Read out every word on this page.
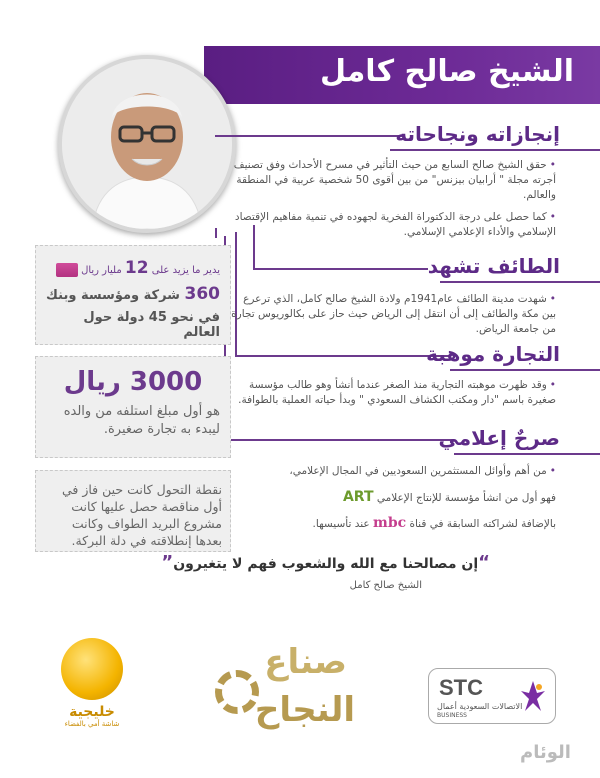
الشيخ صالح كامل
إنجازاته ونجاحاته
•حقق الشيخ صالح السابع من حيث التأثير في مسرح الأحداث وفق تصنيف أجرته مجلة " أرابيان بيزنس" من بين أقوى 50 شخصية عربية في المنطقة والعالم.
•كما حصل على درجة الدكتوراة الفخرية لجهوده في تنمية مفاهيم الإقتصاد الإسلامي والأداء الإعلامي الإسلامي.
الطائف تشهد
•شهدت مدينة الطائف عام1941م ولادة الشيخ صالح كامل، الذي ترعرع بين مكة والطائف إلى أن انتقل إلى الرياض حيث حاز على بكالوريوس تجارة من جامعة الرياض.
التجارة موهبة
•وقد ظهرت موهبته التجارية منذ الصغر عندما أنشأ وهو طالب مؤسسة صغيرة باسم "دار ومكتب الكشاف السعودي " وبدأ حياته العملية بالطوافة.
صرحٌ إعلامي
•من أهم وأوائل المستثمرين السعوديين في المجال الإعلامي،
فهو أول من انشأ مؤسسة للإنتاج الإعلامي ART
بالإضافة لشراكته السابقة في قناة mbc عند تأسيسها.
“إن مصالحنا مع الله والشعوب فهم لا يتغيرون”
الشيخ صالح كامل
يدير ما يزيد على 12 مليار ريال
360 شركة ومؤسسة وبنك
في نحو 45 دولة حول العالم
3000 ريال
هو أول مبلغ استلفه من والده ليبدء به تجارة صغيرة.
نقطة التحول كانت حين فاز في أول مناقصة حصل عليها كانت مشروع البريد الطواف وكانت بعدها إنطلاقته في دلة البركة.
خليجية
شاشة أمي بالفضاء
صناع
النجاح
STC
الاتصالات السعودية أعمال
BUSINESS
الوئام
